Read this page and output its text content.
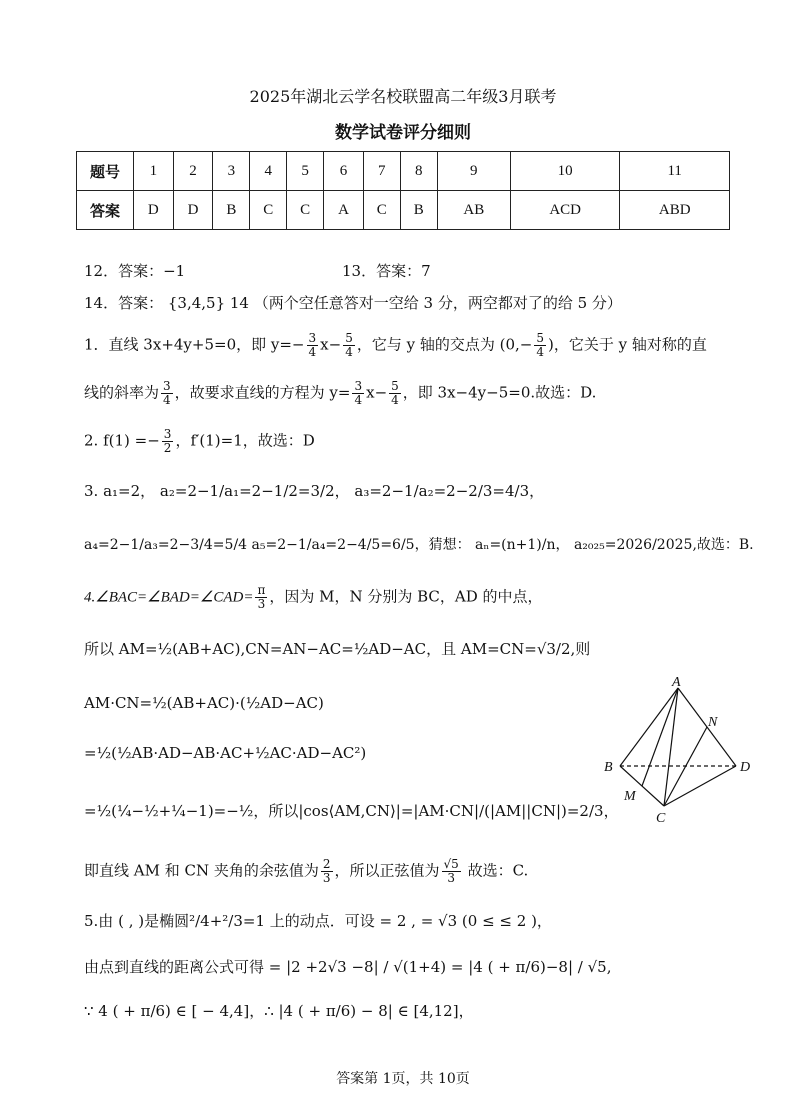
2025年湖北云学名校联盟高二年级3月联考
数学试卷评分细则
题号	1	2	3	4	5	6	7	8	9	10	11
答案	D	D	B	C	C	A	C	B	AB	ACD	ABD
12．答案：−1	13．答案：7
14．答案： {3,4,5} 14 （两个空任意答对一空给 3 分，两空都对了的给 5 分）
1．直线 3x+4y+5=0，即 $y=- \frac{3}{4} x- \frac{5}{4}$ ，它与 y 轴的交点为 ($0,- \frac{5}{4}$ )，它关于 y 轴对称的直
线的斜率为 $\frac{3}{4}$ ，故要求直线的方程为 $y= \frac{3}{4} x- \frac{5}{4}$ ，即 3x−4y−5=0.故选：D.
2. $f(1) =- \frac{3}{2}$ ，f′(1)=1，故选：D
3. a₁=2， a₂=2−1/a₁=2−1/2=3/2， a₃=2−1/a₂=2−2/3=4/3，
a₄=2−1/a₃=2−3/4=5/4 a₅=2−1/a₄=2−4/5=6/5，猜想： aₙ=(n+1)/n， a₂₀₂₅=2026/2025,故选：B.
4.∠BAC=∠BAD=∠CAD= $\frac{\pi}{3}$ ，因为 M，N 分别为 BC，AD 的中点，
所以 AM=½(AB+AC),CN=AN−AC=½AD−AC，且 AM=CN=√3/2,则
AM·CN=½(AB+AC)·(½AD−AC)
=½(½AB·AD−AB·AC+½AC·AD−AC²)
=½(¼−½+¼−1)=−½，所以|cos⟨AM,CN⟩|=|AM·CN|/(|AM||CN|)=2/3，
即直线 AM 和 CN 夹角的余弦值为 $\frac{2}{3}$ ，所以正弦值为 $\frac{√5}{3}$ 故选：C.
A
N
B	D
M
C
5.由 ( , )是椭圆²/4+²/3=1 上的动点．可设 = 2 , = √3 (0 ≤ ≤ 2 )，
由点到直线的距离公式可得 = |2 +2√3 −8| / √(1+4) = |4 ( + π/6)−8| / √5,
∵ 4 ( + π/6) ∈ [ − 4,4]，∴ |4 ( + π/6) − 8| ∈ [4,12]，
答案第 1页，共 10页
